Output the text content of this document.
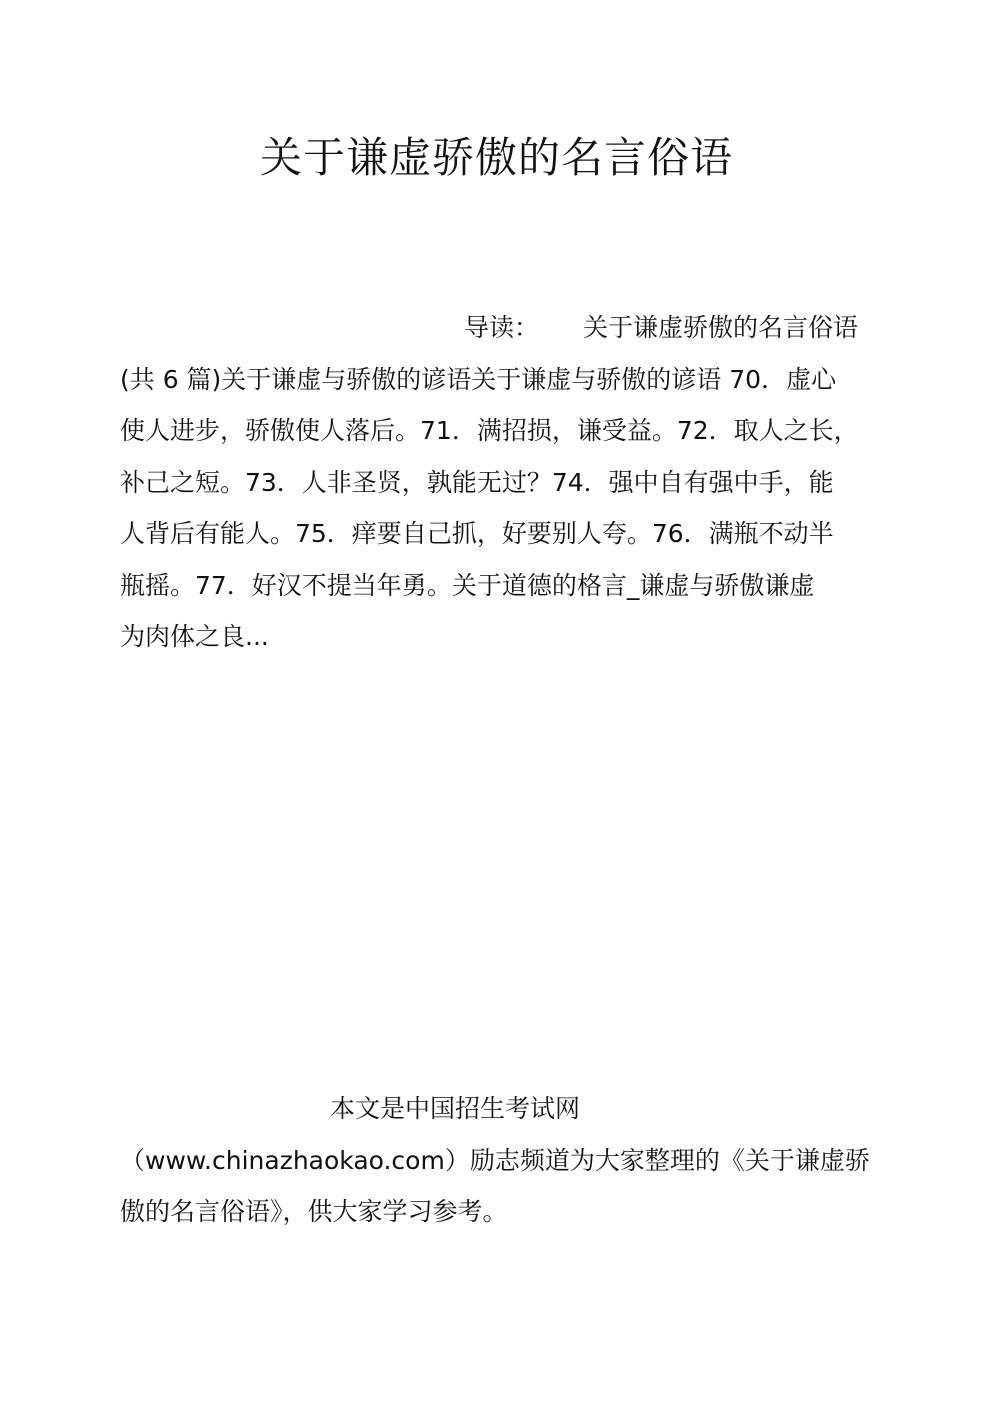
关于谦虚骄傲的名言俗语
导读： 关于谦虚骄傲的名言俗语
(共 6 篇)关于谦虚与骄傲的谚语关于谦虚与骄傲的谚语 70．虚心
使人进步，骄傲使人落后。71．满招损，谦受益。72．取人之长，
补己之短。73．人非圣贤，孰能无过？74．强中自有强中手，能
人背后有能人。75．痒要自己抓，好要别人夸。76．满瓶不动半
瓶摇。77．好汉不提当年勇。关于道德的格言_谦虚与骄傲谦虚
为肉体之良...
本文是中国招生考试网
（www.chinazhaokao.com）励志频道为大家整理的《关于谦虚骄
傲的名言俗语》，供大家学习参考。
